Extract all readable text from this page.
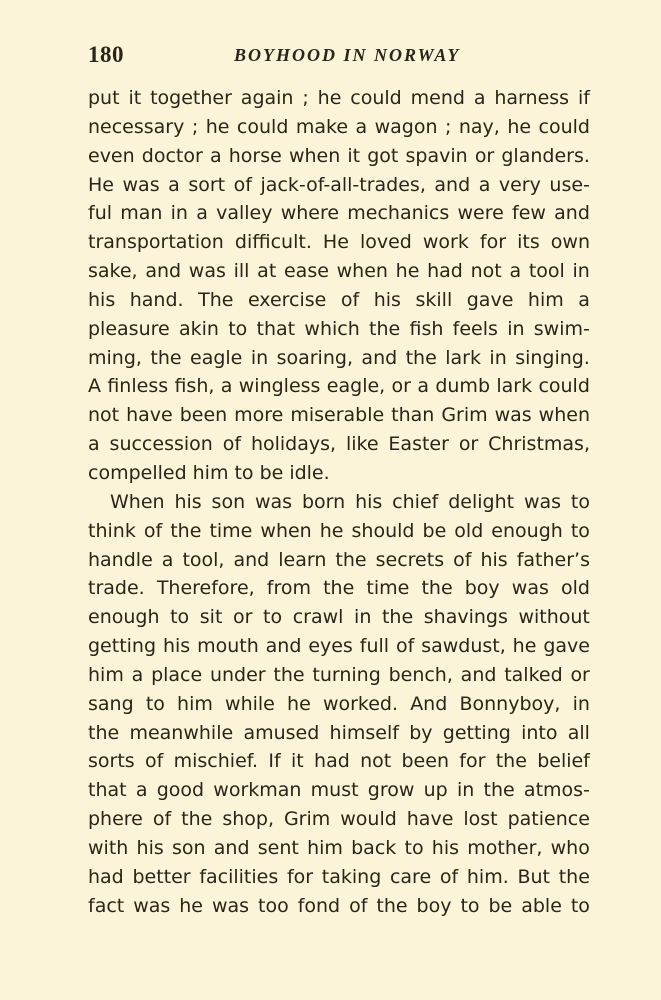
180	BOYHOOD IN NORWAY
put it together again ; he could mend a harness if
necessary ; he could make a wagon ; nay, he could
even doctor a horse when it got spavin or glanders.
He was a sort of jack-of-all-trades, and a very use-
ful man in a valley where mechanics were few and
transportation difficult. He loved work for its own
sake, and was ill at ease when he had not a tool in
his hand. The exercise of his skill gave him a
pleasure akin to that which the fish feels in swim-
ming, the eagle in soaring, and the lark in singing.
A finless fish, a wingless eagle, or a dumb lark could
not have been more miserable than Grim was when
a succession of holidays, like Easter or Christmas,
compelled him to be idle.
When his son was born his chief delight was to
think of the time when he should be old enough to
handle a tool, and learn the secrets of his father’s
trade. Therefore, from the time the boy was old
enough to sit or to crawl in the shavings without
getting his mouth and eyes full of sawdust, he gave
him a place under the turning bench, and talked or
sang to him while he worked. And Bonnyboy, in
the meanwhile amused himself by getting into all
sorts of mischief. If it had not been for the belief
that a good workman must grow up in the atmos-
phere of the shop, Grim would have lost patience
with his son and sent him back to his mother, who
had better facilities for taking care of him. But the
fact was he was too fond of the boy to be able to
